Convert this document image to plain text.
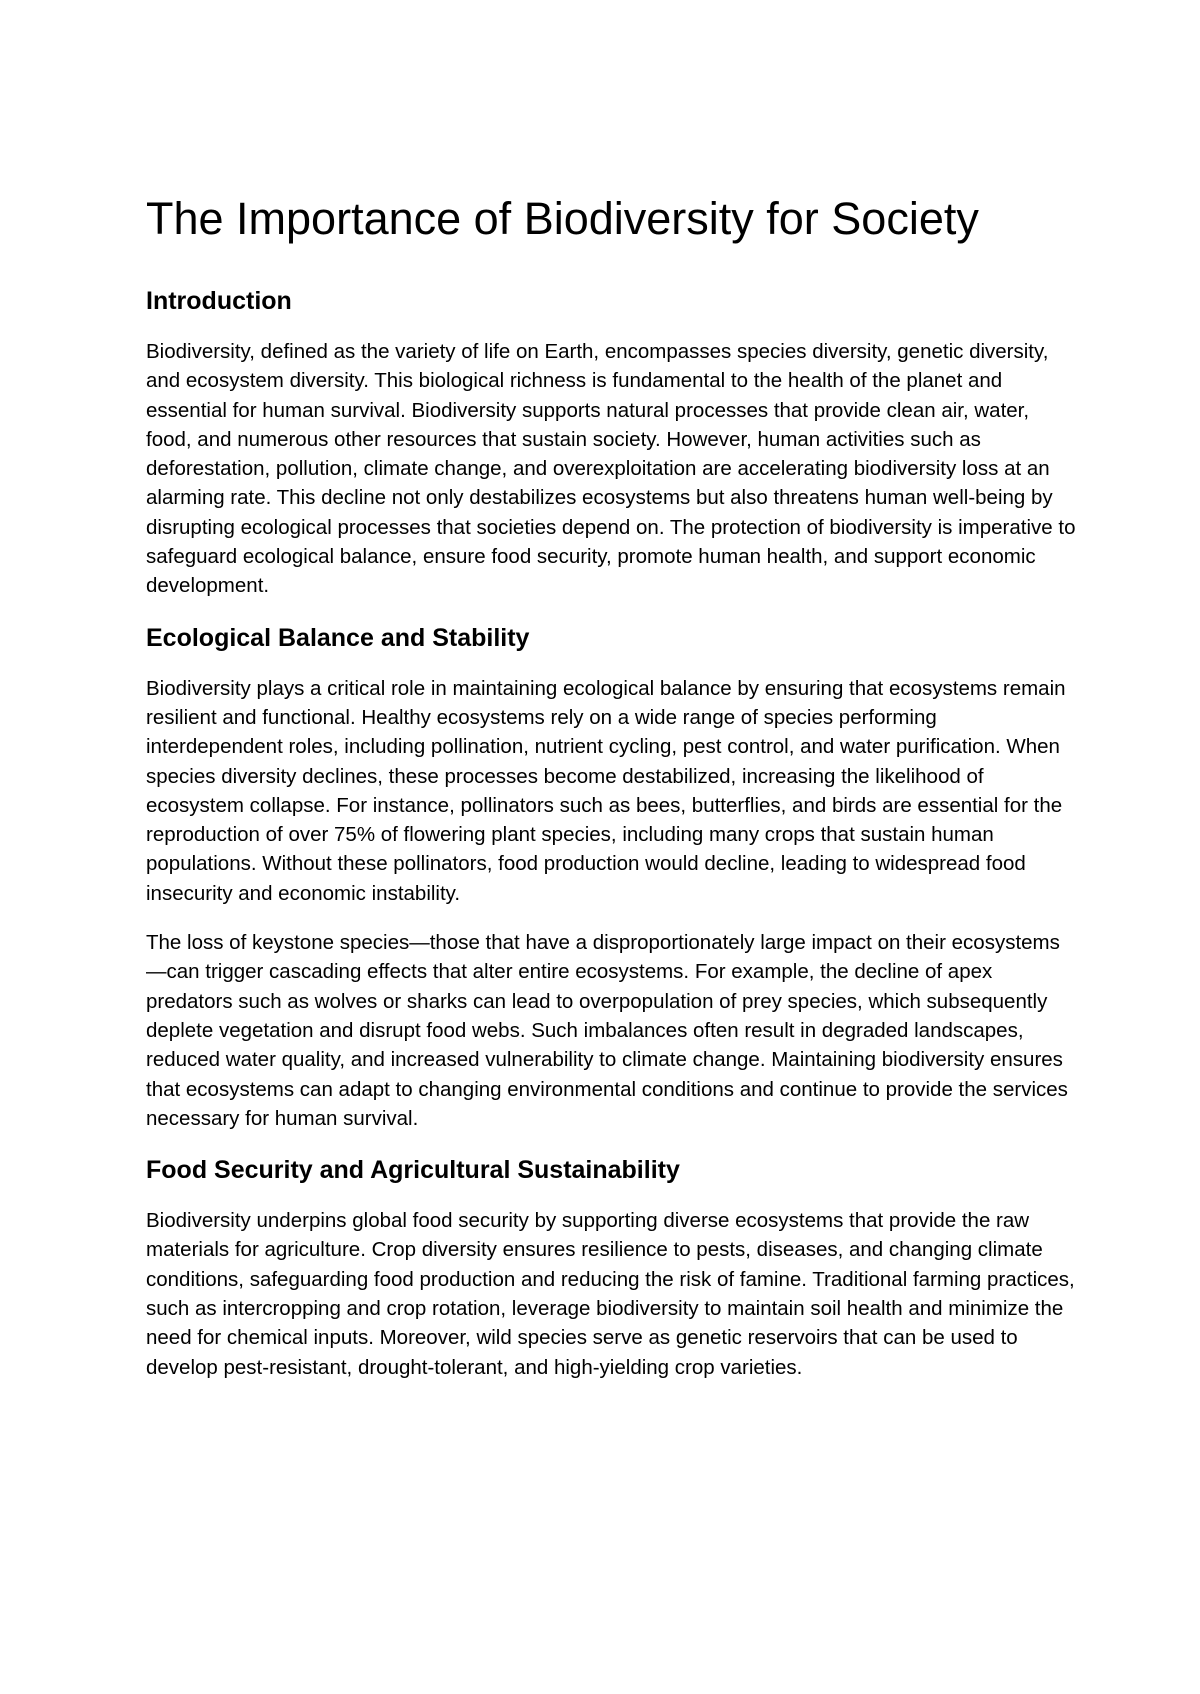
The Importance of Biodiversity for Society
Introduction

Biodiversity, defined as the variety of life on Earth, encompasses species diversity, genetic diversity, and ecosystem diversity. This biological richness is fundamental to the health of the planet and essential for human survival. Biodiversity supports natural processes that provide clean air, water, food, and numerous other resources that sustain society. However, human activities such as deforestation, pollution, climate change, and overexploitation are accelerating biodiversity loss at an alarming rate. This decline not only destabilizes ecosystems but also threatens human well-being by disrupting ecological processes that societies depend on. The protection of biodiversity is imperative to safeguard ecological balance, ensure food security, promote human health, and support economic development.

Ecological Balance and Stability

Biodiversity plays a critical role in maintaining ecological balance by ensuring that ecosystems remain resilient and functional. Healthy ecosystems rely on a wide range of species performing interdependent roles, including pollination, nutrient cycling, pest control, and water purification. When species diversity declines, these processes become destabilized, increasing the likelihood of ecosystem collapse. For instance, pollinators such as bees, butterflies, and birds are essential for the reproduction of over 75% of flowering plant species, including many crops that sustain human populations. Without these pollinators, food production would decline, leading to widespread food insecurity and economic instability.

The loss of keystone species—those that have a disproportionately large impact on their ecosystems—can trigger cascading effects that alter entire ecosystems. For example, the decline of apex predators such as wolves or sharks can lead to overpopulation of prey species, which subsequently deplete vegetation and disrupt food webs. Such imbalances often result in degraded landscapes, reduced water quality, and increased vulnerability to climate change. Maintaining biodiversity ensures that ecosystems can adapt to changing environmental conditions and continue to provide the services necessary for human survival.

Food Security and Agricultural Sustainability

Biodiversity underpins global food security by supporting diverse ecosystems that provide the raw materials for agriculture. Crop diversity ensures resilience to pests, diseases, and changing climate conditions, safeguarding food production and reducing the risk of famine. Traditional farming practices, such as intercropping and crop rotation, leverage biodiversity to maintain soil health and minimize the need for chemical inputs. Moreover, wild species serve as genetic reservoirs that can be used to develop pest-resistant, drought-tolerant, and high-yielding crop varieties.
